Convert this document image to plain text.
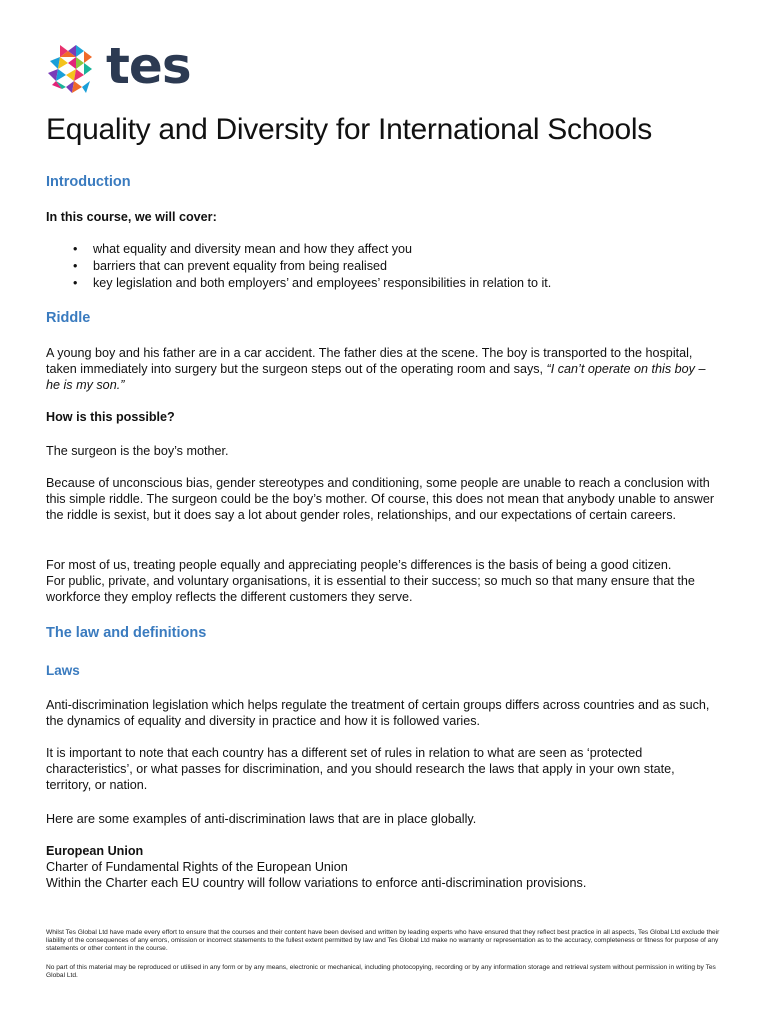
tes
Equality and Diversity for International Schools
Introduction

In this course, we will cover:

• what equality and diversity mean and how they affect you
• barriers that can prevent equality from being realised
• key legislation and both employers’ and employees’ responsibilities in relation to it.
Riddle

A young boy and his father are in a car accident. The father dies at the scene. The boy is transported to the hospital, taken immediately into surgery but the surgeon steps out of the operating room and says, “I can’t operate on this boy – he is my son.”

How is this possible?

The surgeon is the boy’s mother.

Because of unconscious bias, gender stereotypes and conditioning, some people are unable to reach a conclusion with this simple riddle. The surgeon could be the boy’s mother. Of course, this does not mean that anybody unable to answer the riddle is sexist, but it does say a lot about gender roles, relationships, and our expectations of certain careers.

For most of us, treating people equally and appreciating people’s differences is the basis of being a good citizen.
For public, private, and voluntary organisations, it is essential to their success; so much so that many ensure that the workforce they employ reflects the different customers they serve.

The law and definitions
Laws

Anti-discrimination legislation which helps regulate the treatment of certain groups differs across countries and as such, the dynamics of equality and diversity in practice and how it is followed varies.

It is important to note that each country has a different set of rules in relation to what are seen as ‘protected characteristics’, or what passes for discrimination, and you should research the laws that apply in your own state, territory, or nation.

Here are some examples of anti-discrimination laws that are in place globally.

European Union
Charter of Fundamental Rights of the European Union
Within the Charter each EU country will follow variations to enforce anti-discrimination provisions.

Whilst Tes Global Ltd have made every effort to ensure that the courses and their content have been devised and written by leading experts who have ensured that they reflect best practice in all aspects, Tes Global Ltd exclude their liability of the consequences of any errors, omission or incorrect statements to the fullest extent permitted by law and Tes Global Ltd make no warranty or representation as to the accuracy, completeness or fitness for purpose of any statements or other content in the course.

No part of this material may be reproduced or utilised in any form or by any means, electronic or mechanical, including photocopying, recording or by any information storage and retrieval system without permission in writing by Tes Global Ltd.
